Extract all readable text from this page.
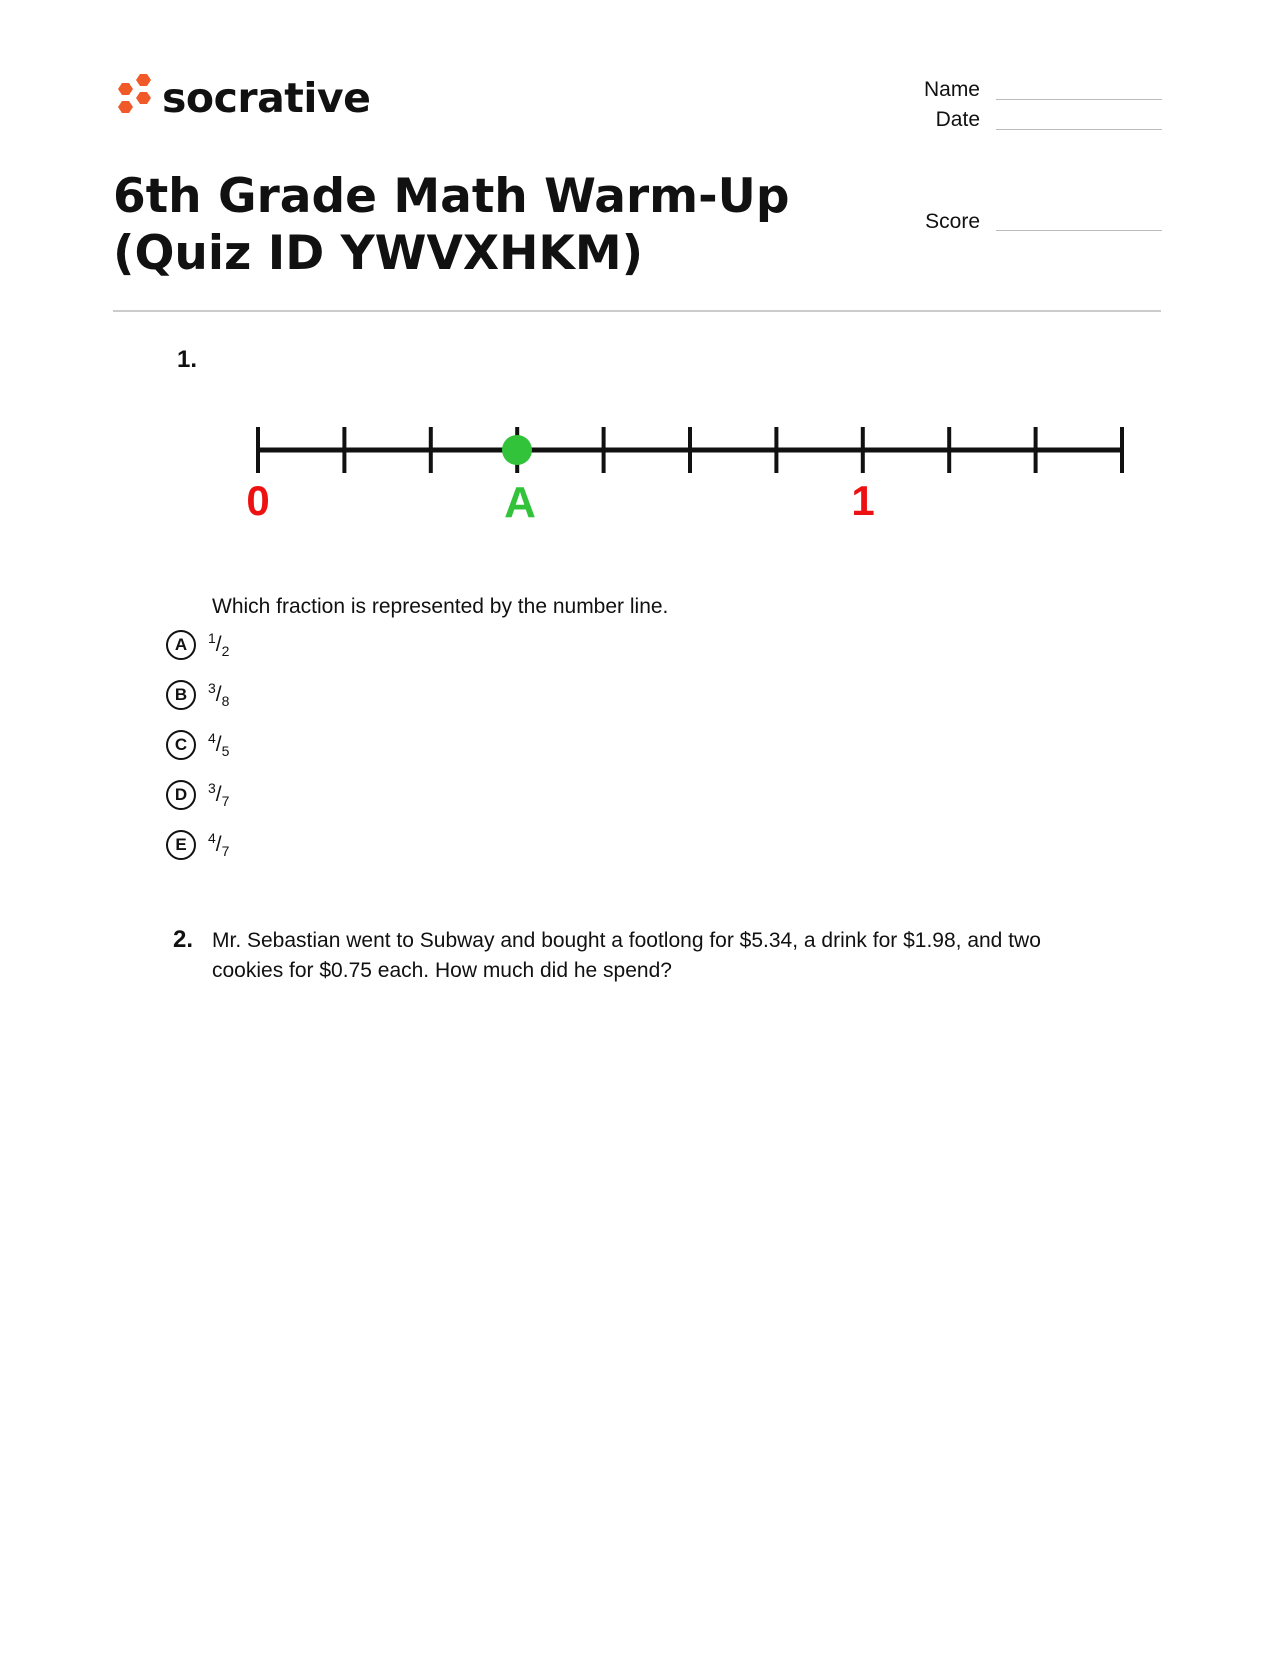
socrative	Name
Date
Score
6th Grade Math Warm-Up (Quiz ID YWVXHKM)
1.
0	A	1
Which fraction is represented by the number line.
A	$^1/_2$
B	$^3/_8$
C	$^4/_5$
D	$^3/_7$
E	$^4/_7$
2. Mr. Sebastian went to Subway and bought a footlong for $5.34, a drink for $1.98, and two cookies for $0.75 each. How much did he spend?
